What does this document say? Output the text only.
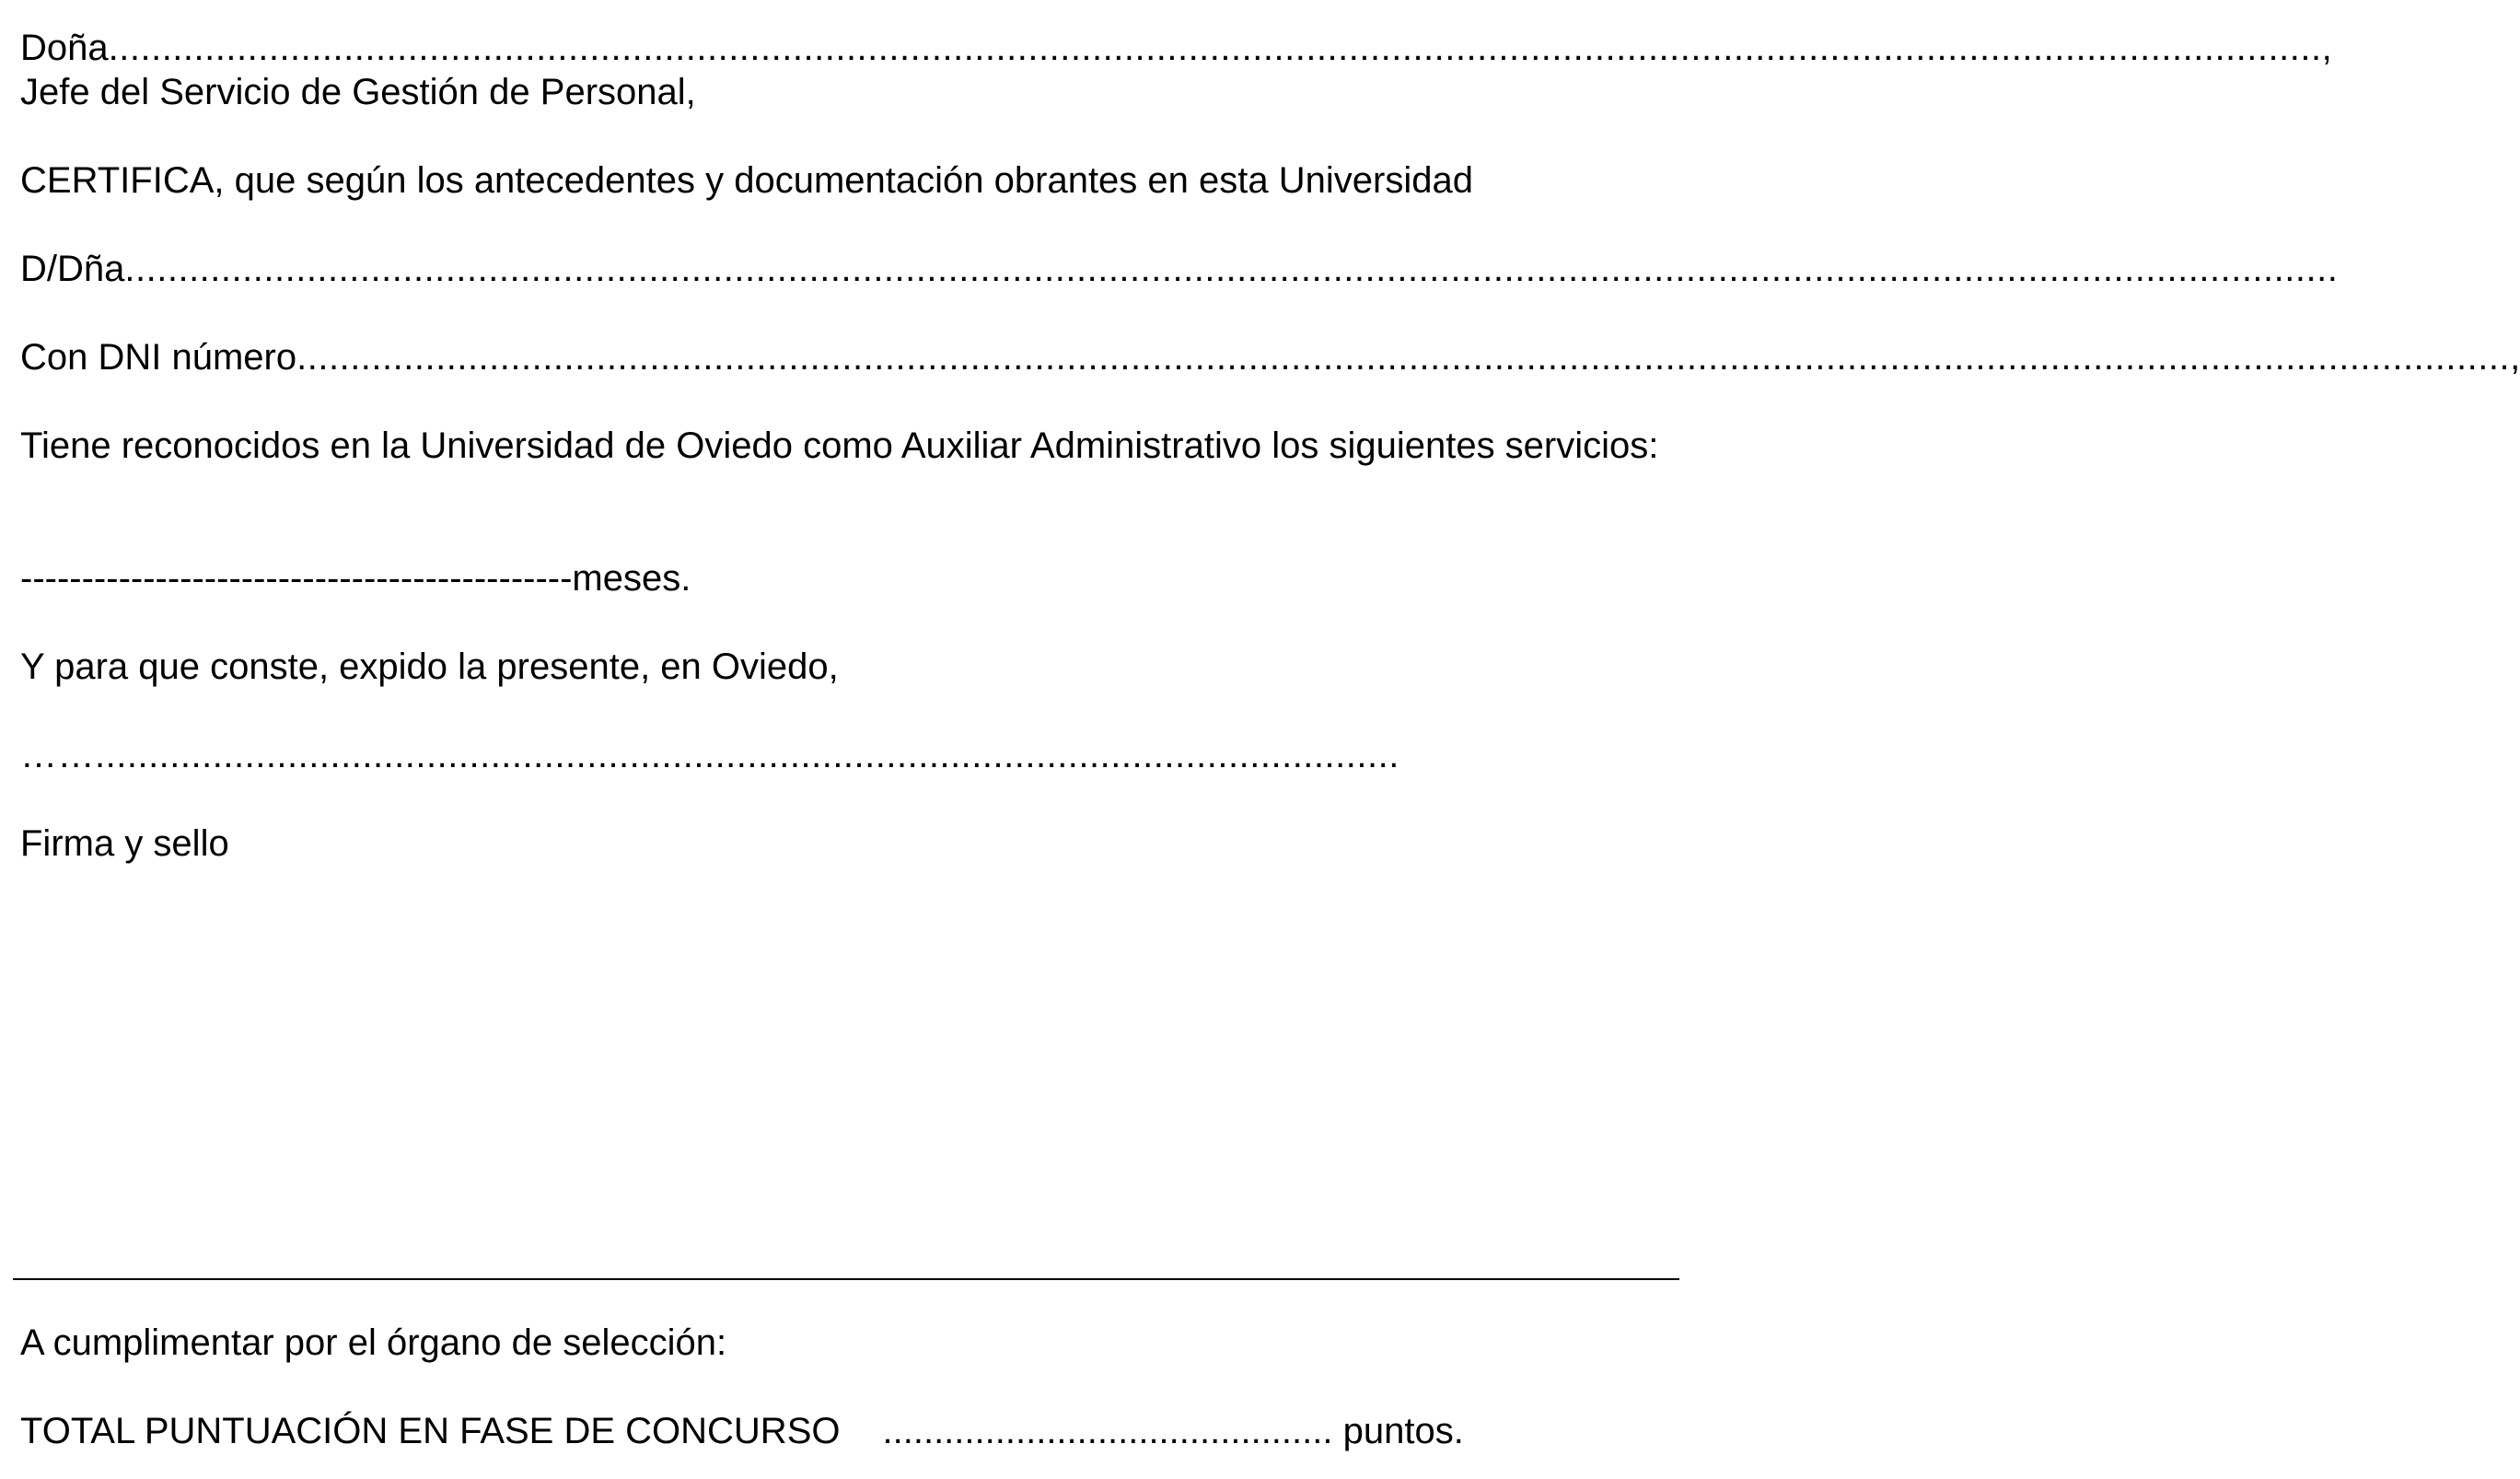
Doña ............................................................................................................................................................................................................... ,
Jefe del Servicio de Gestión de Personal,
CERTIFICA, que según los antecedentes y documentación obrantes en esta Universidad
D/Dña ...............................................................................................................................................................................................................
Con DNI número ............................................................................................................................................................................................................... ,
Tiene reconocidos en la Universidad de Oviedo como Auxiliar Administrativo los siguientes servicios:
--------------------------------------------- meses.
Y para que conste, expido la presente, en Oviedo,
……..........................................................................................................................
Firma y sello
A cumplimentar por el órgano de selección:
TOTAL PUNTUACIÓN EN FASE DE CONCURSO ............................................ puntos.
